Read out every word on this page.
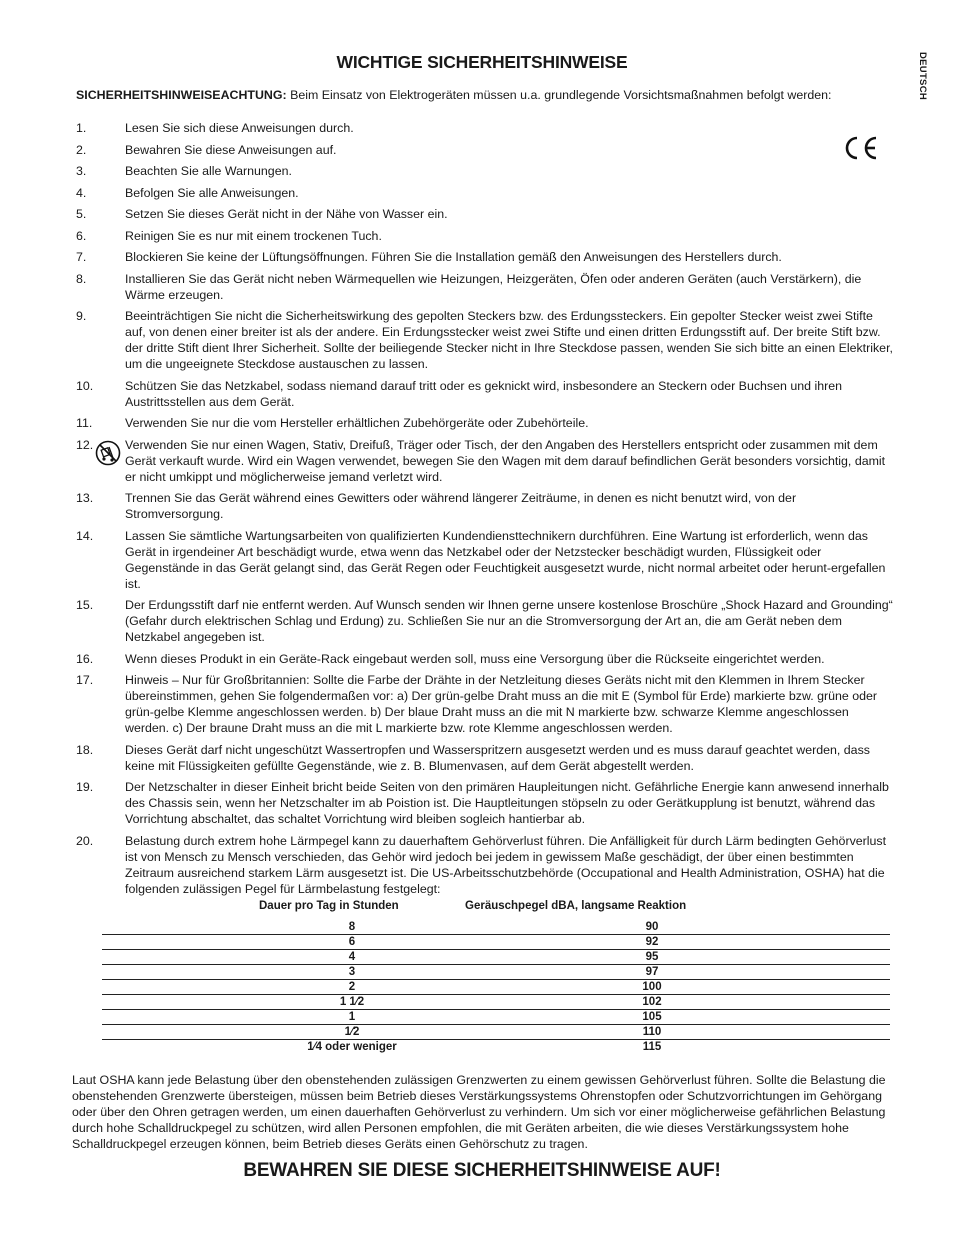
DEUTSCH
WICHTIGE SICHERHEITSHINWEISE
SICHERHEITSHINWEISEACHTUNG: Beim Einsatz von Elektrogeräten müssen u.a. grundlegende Vorsichtsmaßnahmen befolgt werden:
1.	Lesen Sie sich diese Anweisungen durch.
2.	Bewahren Sie diese Anweisungen auf.
3.	Beachten Sie alle Warnungen.
4.	Befolgen Sie alle Anweisungen.
5.	Setzen Sie dieses Gerät nicht in der Nähe von Wasser ein.
6.	Reinigen Sie es nur mit einem trockenen Tuch.
7.	Blockieren Sie keine der Lüftungsöffnungen. Führen Sie die Installation gemäß den Anweisungen des Herstellers durch.
8.	Installieren Sie das Gerät nicht neben Wärmequellen wie Heizungen, Heizgeräten, Öfen oder anderen Geräten (auch Verstärkern), die Wärme erzeugen.
9.	Beeinträchtigen Sie nicht die Sicherheitswirkung des gepolten Steckers bzw. des Erdungssteckers. Ein gepolter Stecker weist zwei Stifte auf, von denen einer breiter ist als der andere. Ein Erdungsstecker weist zwei Stifte und einen dritten Erdungsstift auf. Der breite Stift bzw. der dritte Stift dient Ihrer Sicherheit. Sollte der beiliegende Stecker nicht in Ihre Steckdose passen, wenden Sie sich bitte an einen Elektriker, um die ungeeignete Steckdose austauschen zu lassen.
10.	Schützen Sie das Netzkabel, sodass niemand darauf tritt oder es geknickt wird, insbesondere an Steckern oder Buchsen und ihren Austrittsstellen aus dem Gerät.
11.	Verwenden Sie nur die vom Hersteller erhältlichen Zubehörgeräte oder Zubehörteile.
12.	Verwenden Sie nur einen Wagen, Stativ, Dreifuß, Träger oder Tisch, der den Angaben des Herstellers entspricht oder zusammen mit dem Gerät verkauft wurde. Wird ein Wagen verwendet, bewegen Sie den Wagen mit dem darauf befindlichen Gerät besonders vorsichtig, damit er nicht umkippt und möglicherweise jemand verletzt wird.
13.	Trennen Sie das Gerät während eines Gewitters oder während längerer Zeiträume, in denen es nicht benutzt wird, von der Stromversorgung.
14.	Lassen Sie sämtliche Wartungsarbeiten von qualifizierten Kundendiensttechnikern durchführen. Eine Wartung ist erforderlich, wenn das Gerät in irgendeiner Art beschädigt wurde, etwa wenn das Netzkabel oder der Netzstecker beschädigt wurden, Flüssigkeit oder Gegenstände in das Gerät gelangt sind, das Gerät Regen oder Feuchtigkeit ausgesetzt wurde, nicht normal arbeitet oder herunt-ergefallen ist.
15.	Der Erdungsstift darf nie entfernt werden. Auf Wunsch senden wir Ihnen gerne unsere kostenlose Broschüre „Shock Hazard and Grounding“ (Gefahr durch elektrischen Schlag und Erdung) zu. Schließen Sie nur an die Stromversorgung der Art an, die am Gerät neben dem Netzkabel angegeben ist.
16.	Wenn dieses Produkt in ein Geräte-Rack eingebaut werden soll, muss eine Versorgung über die Rückseite eingerichtet werden.
17.	Hinweis – Nur für Großbritannien: Sollte die Farbe der Drähte in der Netzleitung dieses Geräts nicht mit den Klemmen in Ihrem Stecker übereinstimmen, gehen Sie folgendermaßen vor: a) Der grün-gelbe Draht muss an die mit E (Symbol für Erde) markierte bzw. grüne oder grün-gelbe Klemme angeschlossen werden. b) Der blaue Draht muss an die mit N markierte bzw. schwarze Klemme angeschlossen werden. c) Der braune Draht muss an die mit L markierte bzw. rote Klemme angeschlossen werden.
18.	Dieses Gerät darf nicht ungeschützt Wassertropfen und Wasserspritzern ausgesetzt werden und es muss darauf geachtet werden, dass keine mit Flüssigkeiten gefüllte Gegenstände, wie z. B. Blumenvasen, auf dem Gerät abgestellt werden.
19.	Der Netzschalter in dieser Einheit bricht beide Seiten von den primären Haupleitungen nicht. Gefährliche Energie kann anwesend innerhalb des Chassis sein, wenn her Netzschalter im ab Poistion ist. Die Hauptleitungen stöpseln zu oder Gerätkupplung ist benutzt, während das Vorrichtung abschaltet, das schaltet Vorrichtung wird bleiben sogleich hantierbar ab.
20.	Belastung durch extrem hohe Lärmpegel kann zu dauerhaftem Gehörverlust führen. Die Anfälligkeit für durch Lärm bedingten Gehörverlust ist von Mensch zu Mensch verschieden, das Gehör wird jedoch bei jedem in gewissem Maße geschädigt, der über einen bestimmten Zeitraum ausreichend starkem Lärm ausgesetzt ist. Die US-Arbeitsschutzbehörde (Occupational and Health Administration, OSHA) hat die folgenden zulässigen Pegel für Lärmbelastung festgelegt:
Dauer pro Tag in Stunden	Geräuschpegel dBA, langsame Reaktion
8	90
6	92
4	95
3	97
2	100
1 1⁄2	102
1	105
1⁄2	110
1⁄4 oder weniger	115
Laut OSHA kann jede Belastung über den obenstehenden zulässigen Grenzwerten zu einem gewissen Gehörverlust führen. Sollte die Belastung die obenstehenden Grenzwerte übersteigen, müssen beim Betrieb dieses Verstärkungssystems Ohrenstopfen oder Schutzvorrichtungen im Gehörgang oder über den Ohren getragen werden, um einen dauerhaften Gehörverlust zu verhindern. Um sich vor einer möglicherweise gefährlichen Belastung durch hohe Schalldruckpegel zu schützen, wird allen Personen empfohlen, die mit Geräten arbeiten, die wie dieses Verstärkungssystem hohe Schalldruckpegel erzeugen können, beim Betrieb dieses Geräts einen Gehörschutz zu tragen.
BEWAHREN SIE DIESE SICHERHEITSHINWEISE AUF!
